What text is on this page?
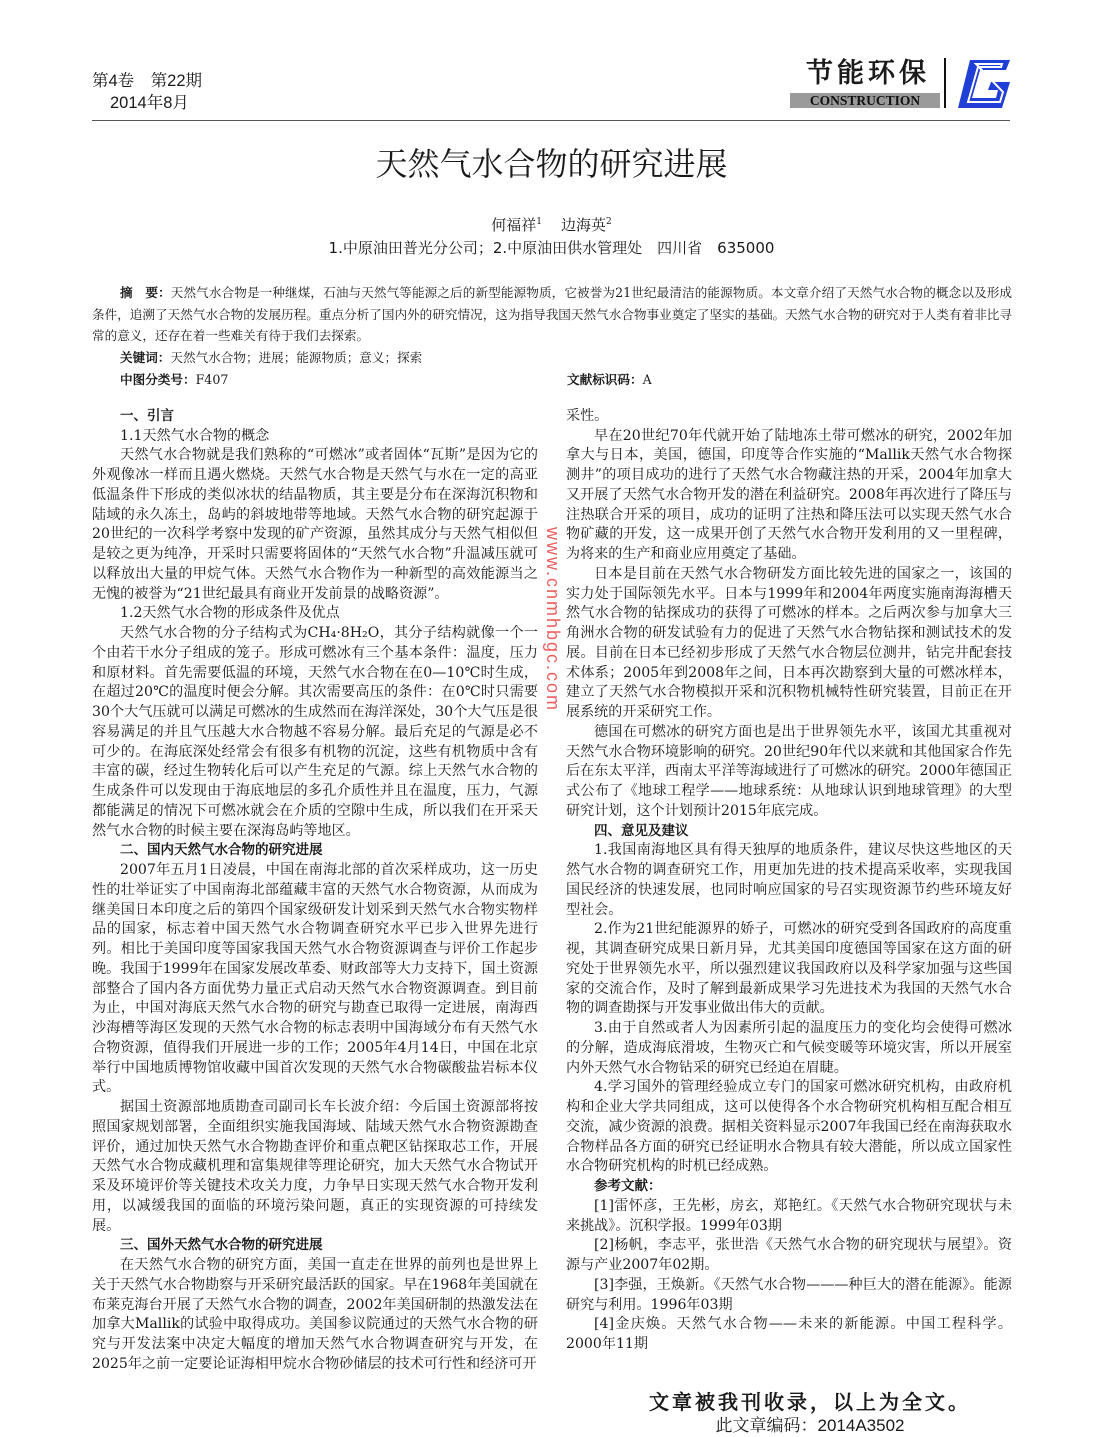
第4卷　第22期
2014年8月
节能环保
CONSTRUCTION
天然气水合物的研究进展
何福祥$^1$ 边海英$^2$
1.中原油田普光分公司；2.中原油田供水管理处　四川省　635000

摘　要：天然气水合物是一种继煤，石油与天然气等能源之后的新型能源物质，它被誉为21世纪最清洁的能源物质。本文章介绍了天然气水合物的概念以及形成条件，追溯了天然气水合物的发展历程。重点分析了国内外的研究情况，这为指导我国天然气水合物事业奠定了坚实的基础。天然气水合物的研究对于人类有着非比寻常的意义，还存在着一些难关有待于我们去探索。

关键词：天然气水合物；进展；能源物质；意义；探索
中图分类号：F407	文献标识码：A

一、引言

1.1天然气水合物的概念

天然气水合物就是我们熟称的“可燃冰”或者固体“瓦斯”是因为它的外观像冰一样而且遇火燃烧。天然气水合物是天然气与水在一定的高亚低温条件下形成的类似冰状的结晶物质，其主要是分布在深海沉积物和陆域的永久冻土，岛屿的斜坡地带等地域。天然气水合物的研究起源于20世纪的一次科学考察中发现的矿产资源，虽然其成分与天然气相似但是较之更为纯净，开采时只需要将固体的“天然气水合物”升温减压就可以释放出大量的甲烷气体。天然气水合物作为一种新型的高效能源当之无愧的被誉为“21世纪最具有商业开发前景的战略资源”。

1.2天然气水合物的形成条件及优点

天然气水合物的分子结构式为CH₄·8H₂O，其分子结构就像一个一个由若干水分子组成的笼子。形成可燃冰有三个基本条件：温度，压力和原材料。首先需要低温的环境，天然气水合物在在0—10℃时生成，在超过20℃的温度时便会分解。其次需要高压的条件：在0℃时只需要30个大气压就可以满足可燃冰的生成然而在海洋深处，30个大气压是很容易满足的并且气压越大水合物越不容易分解。最后充足的气源是必不可少的。在海底深处经常会有很多有机物的沉淀，这些有机物质中含有丰富的碳，经过生物转化后可以产生充足的气源。综上天然气水合物的生成条件可以发现由于海底地层的多孔介质性并且在温度，压力，气源都能满足的情况下可燃冰就会在介质的空隙中生成，所以我们在开采天然气水合物的时候主要在深海岛屿等地区。

二、国内天然气水合物的研究进展

2007年五月1日凌晨，中国在南海北部的首次采样成功，这一历史性的壮举证实了中国南海北部蕴藏丰富的天然气水合物资源，从而成为继美国日本印度之后的第四个国家级研发计划采到天然气水合物实物样品的国家，标志着中国天然气水合物调查研究水平已步入世界先进行列。相比于美国印度等国家我国天然气水合物资源调查与评价工作起步晚。我国于1999年在国家发展改革委、财政部等大力支持下，国土资源部整合了国内各方面优势力量正式启动天然气水合物资源调查。到目前为止，中国对海底天然气水合物的研究与勘查已取得一定进展，南海西沙海槽等海区发现的天然气水合物的标志表明中国海域分布有天然气水合物资源，值得我们开展进一步的工作；2005年4月14日，中国在北京举行中国地质博物馆收藏中国首次发现的天然气水合物碳酸盐岩标本仪式。

据国土资源部地质勘查司副司长车长波介绍：今后国土资源部将按照国家规划部署，全面组织实施我国海域、陆域天然气水合物资源勘查评价，通过加快天然气水合物勘查评价和重点靶区钻探取芯工作，开展天然气水合物成藏机理和富集规律等理论研究，加大天然气水合物试开采及环境评价等关键技术攻关力度，力争早日实现天然气水合物开发利用，以减缓我国的面临的环境污染问题，真正的实现资源的可持续发展。

三、国外天然气水合物的研究进展

在天然气水合物的研究方面，美国一直走在世界的前列也是世界上关于天然气水合物勘察与开采研究最活跃的国家。早在1968年美国就在布莱克海台开展了天然气水合物的调查，2002年美国研制的热激发法在加拿大Mallik的试验中取得成功。美国参议院通过的天然气水合物的研究与开发法案中决定大幅度的增加天然气水合物调查研究与开发，在2025年之前一定要论证海相甲烷水合物砂储层的技术可行性和经济可开

www.cnmhbgc.com

采性。

早在20世纪70年代就开始了陆地冻土带可燃冰的研究，2002年加拿大与日本，美国，德国，印度等合作实施的“Mallik天然气水合物探测井”的项目成功的进行了天然气水合物藏注热的开采，2004年加拿大又开展了天然气水合物开发的潜在利益研究。2008年再次进行了降压与注热联合开采的项目，成功的证明了注热和降压法可以实现天然气水合物矿藏的开发，这一成果开创了天然气水合物开发利用的又一里程碑，为将来的生产和商业应用奠定了基础。

日本是目前在天然气水合物研发方面比较先进的国家之一，该国的实力处于国际领先水平。日本与1999年和2004年两度实施南海海槽天然气水合物的钻探成功的获得了可燃冰的样本。之后两次参与加拿大三角洲水合物的研发试验有力的促进了天然气水合物钻探和测试技术的发展。目前在日本已经初步形成了天然气水合物层位测井，钻完井配套技术体系；2005年到2008年之间，日本再次勘察到大量的可燃冰样本，建立了天然气水合物模拟开采和沉积物机械特性研究装置，目前正在开展系统的开采研究工作。

德国在可燃冰的研究方面也是出于世界领先水平，该国尤其重视对天然气水合物环境影响的研究。20世纪90年代以来就和其他国家合作先后在东太平洋，西南太平洋等海域进行了可燃冰的研究。2000年德国正式公布了《地球工程学——地球系统：从地球认识到地球管理》的大型研究计划，这个计划预计2015年底完成。

四、意见及建议

1.我国南海地区具有得天独厚的地质条件，建议尽快这些地区的天然气水合物的调查研究工作，用更加先进的技术提高采收率，实现我国国民经济的快速发展，也同时响应国家的号召实现资源节约些环境友好型社会。

2.作为21世纪能源界的娇子，可燃冰的研究受到各国政府的高度重视，其调查研究成果日新月异，尤其美国印度德国等国家在这方面的研究处于世界领先水平，所以强烈建议我国政府以及科学家加强与这些国家的交流合作，及时了解到最新成果学习先进技术为我国的天然气水合物的调查勘探与开发事业做出伟大的贡献。

3.由于自然或者人为因素所引起的温度压力的变化均会使得可燃冰的分解，造成海底滑坡，生物灭亡和气候变暖等环境灾害，所以开展室内外天然气水合物钻采的研究已经迫在眉睫。

4.学习国外的管理经验成立专门的国家可燃冰研究机构，由政府机构和企业大学共同组成，这可以使得各个水合物研究机构相互配合相互交流，减少资源的浪费。据相关资料显示2007年我国已经在南海获取水合物样品各方面的研究已经证明水合物具有较大潜能，所以成立国家性水合物研究机构的时机已经成熟。

参考文献：

[1]雷怀彦，王先彬，房玄，郑艳红。《天然气水合物研究现状与未来挑战》。沉积学报。1999年03期

[2]杨帆，李志平，张世浩《天然气水合物的研究现状与展望》。资源与产业2007年02期。

[3]李强，王焕新。《天然气水合物———种巨大的潜在能源》。能源研究与利用。1996年03期

[4]金庆焕。天然气水合物——未来的新能源。中国工程科学。2000年11期

文章被我刊收录，以上为全文。
此文章编码：2014A3502
